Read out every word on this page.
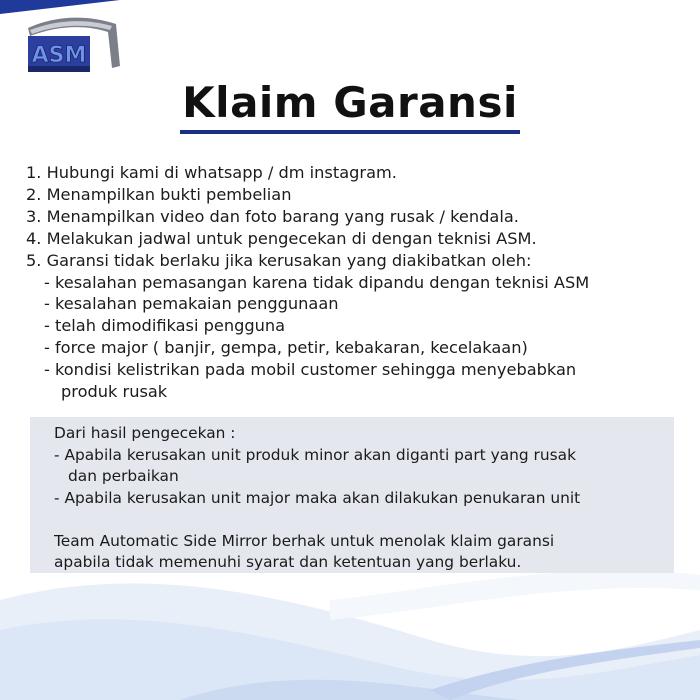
ASM
Klaim Garansi
1. Hubungi kami di whatsapp / dm instagram.
2. Menampilkan bukti pembelian
3. Menampilkan video dan foto barang yang rusak / kendala.
4. Melakukan jadwal untuk pengecekan di dengan teknisi ASM.
5. Garansi tidak berlaku jika kerusakan yang diakibatkan oleh:
- kesalahan pemasangan karena tidak dipandu dengan teknisi ASM
- kesalahan pemakaian penggunaan
- telah dimodifikasi pengguna
- force major ( banjir, gempa, petir, kebakaran, kecelakaan)
- kondisi kelistrikan pada mobil customer sehingga menyebabkan
produk rusak
Dari hasil pengecekan :
- Apabila kerusakan unit produk minor akan diganti part yang rusak
dan perbaikan
- Apabila kerusakan unit major maka akan dilakukan penukaran unit
Team Automatic Side Mirror berhak untuk menolak klaim garansi
apabila tidak memenuhi syarat dan ketentuan yang berlaku.
